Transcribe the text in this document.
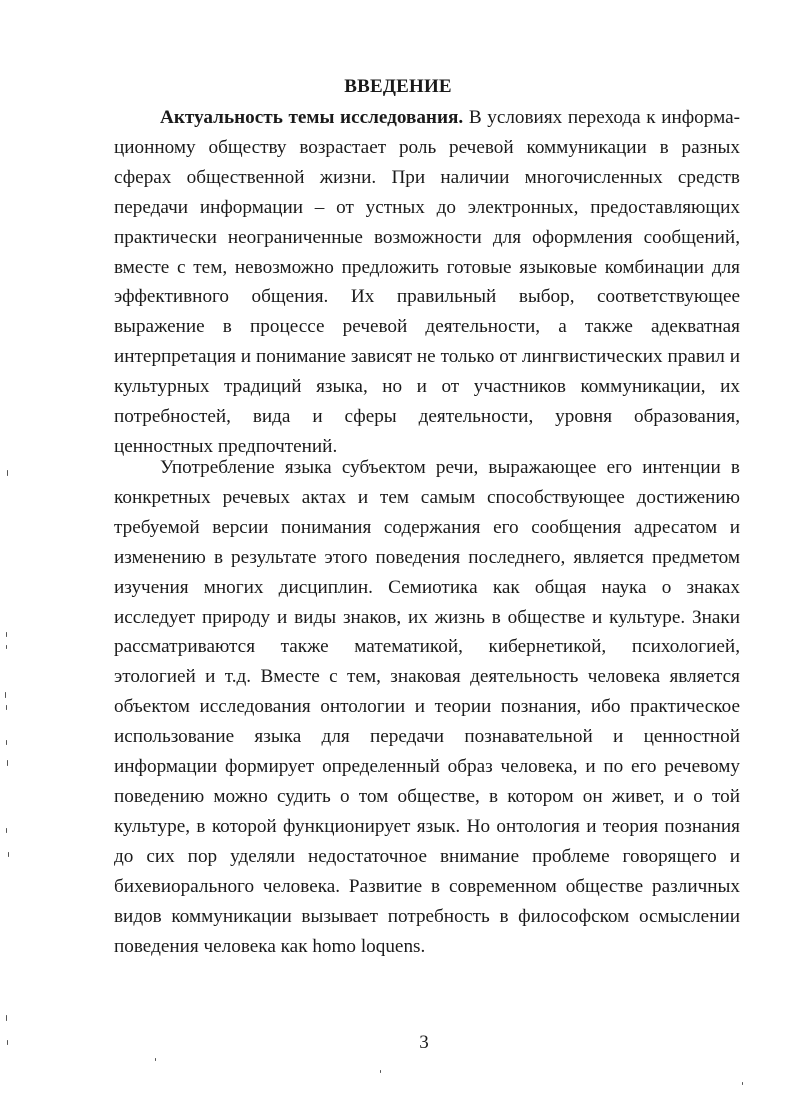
ВВЕДЕНИЕ

Актуальность темы исследования. В условиях перехода к информационному обществу возрастает роль речевой коммуникации в разных сферах общественной жизни. При наличии многочисленных средств передачи информации – от устных до электронных, предоставляющих практически неограниченные возможности для оформления сообщений, вместе с тем, невозможно предложить готовые языковые комбинации для эффективного общения. Их правильный выбор, соответствующее выражение в процессе речевой деятельности, а также адекватная интерпретация и понимание зависят не только от лингвистических правил и культурных традиций языка, но и от участников коммуникации, их потребностей, вида и сферы деятельности, уровня образования, ценностных предпочтений.

Употребление языка субъектом речи, выражающее его интенции в конкретных речевых актах и тем самым способствующее достижению требуемой версии понимания содержания его сообщения адресатом и изменению в результате этого поведения последнего, является предметом изучения многих дисциплин. Семиотика как общая наука о знаках исследует природу и виды знаков, их жизнь в обществе и культуре. Знаки рассматриваются также математикой, кибернетикой, психологией, этологией и т.д. Вместе с тем, знаковая деятельность человека является объектом исследования онтологии и теории познания, ибо практическое использование языка для передачи познавательной и ценностной информации формирует определенный образ человека, и по его речевому поведению можно судить о том обществе, в котором он живет, и о той культуре, в которой функционирует язык. Но онтология и теория познания до сих пор уделяли недостаточное внимание проблеме говорящего и бихевиорального человека. Развитие в современном обществе различных видов коммуникации вызывает потребность в философском осмыслении поведения человека как homo loquens.

3
